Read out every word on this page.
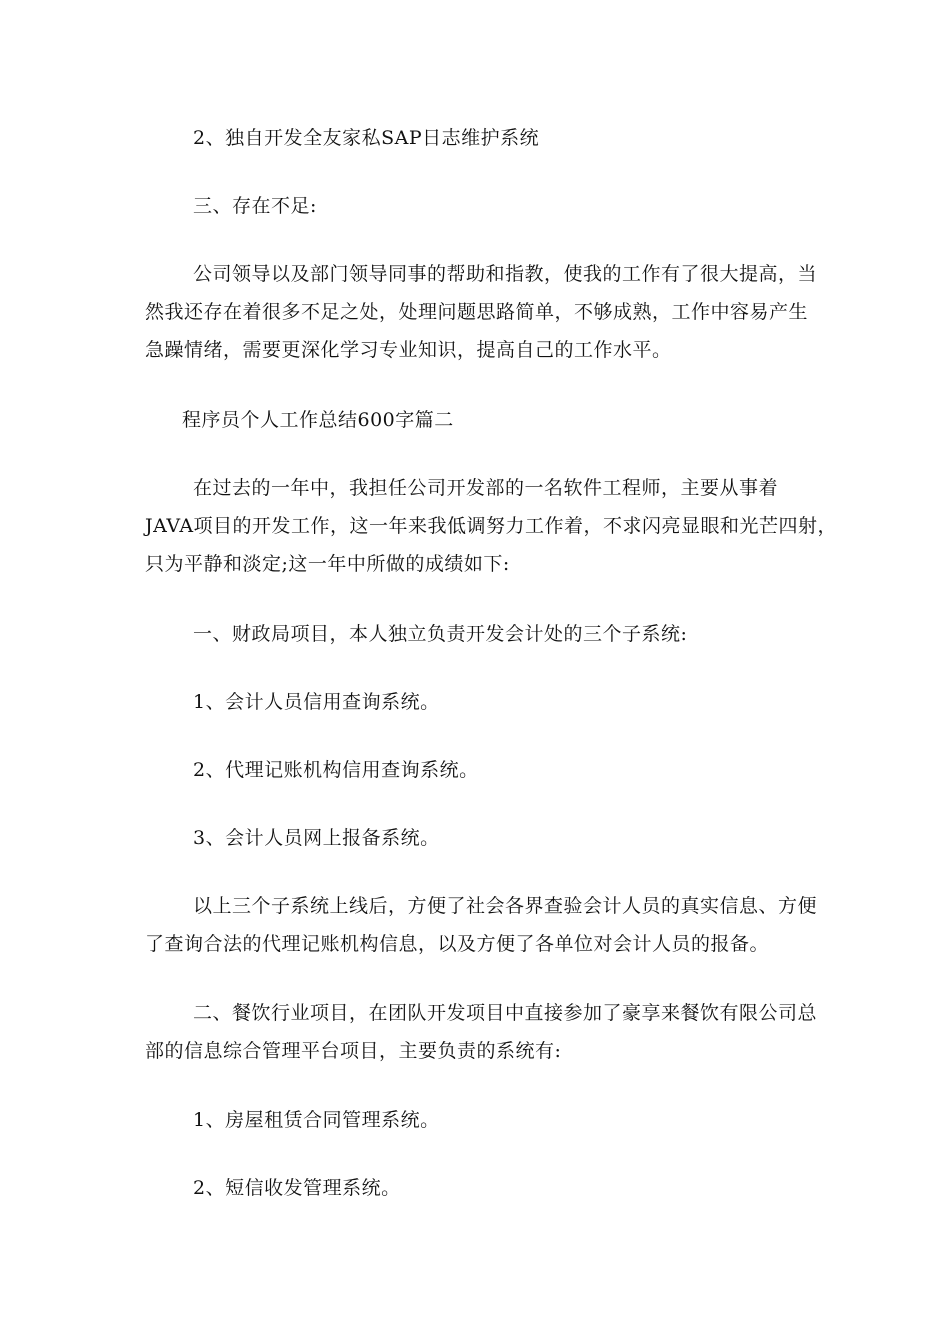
2、独自开发全友家私SAP日志维护系统

三、存在不足:

公司领导以及部门领导同事的帮助和指教，使我的工作有了很大提高，当
然我还存在着很多不足之处，处理问题思路简单，不够成熟，工作中容易产生
急躁情绪，需要更深化学习专业知识，提高自己的工作水平。

程序员个人工作总结600字篇二

在过去的一年中，我担任公司开发部的一名软件工程师，主要从事着
JAVA项目的开发工作，这一年来我低调努力工作着，不求闪亮显眼和光芒四射，
只为平静和淡定;这一年中所做的成绩如下:

一、财政局项目，本人独立负责开发会计处的三个子系统:

1、会计人员信用查询系统。

2、代理记账机构信用查询系统。

3、会计人员网上报备系统。

以上三个子系统上线后，方便了社会各界查验会计人员的真实信息、方便
了查询合法的代理记账机构信息，以及方便了各单位对会计人员的报备。

二、餐饮行业项目，在团队开发项目中直接参加了豪享来餐饮有限公司总
部的信息综合管理平台项目，主要负责的系统有:

1、房屋租赁合同管理系统。

2、短信收发管理系统。
